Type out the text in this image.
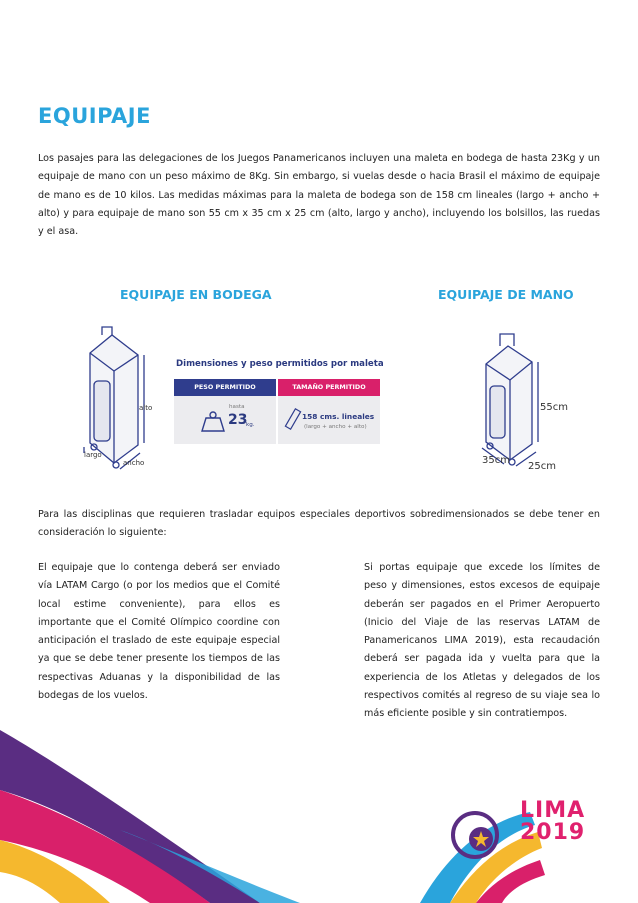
EQUIPAJE

Los pasajes para las delegaciones de los Juegos Panamericanos incluyen una maleta en bodega de hasta 23Kg y un equipaje de mano con un peso máximo de 8Kg. Sin embargo, si vuelas desde o hacia Brasil el máximo de equipaje de mano es de 10 kilos. Las medidas máximas para la maleta de bodega son de 158 cm lineales (largo + ancho + alto) y para equipaje de mano son 55 cm x 35 cm x 25 cm (alto, largo y ancho), incluyendo los bolsillos, las ruedas y el asa.

EQUIPAJE EN BODEGA	EQUIPAJE DE MANO
alto
largo
ancho

Dimensiones y peso permitidos por maleta

PESO PERMITIDO	TAMAÑO PERMITIDO
hasta
23
kg.
158 cms. lineales
(largo + ancho + alto)
55cm
35cm
25cm

Para las disciplinas que requieren trasladar equipos especiales deportivos sobredimensionados se debe tener en consideración lo siguiente:

El equipaje que lo contenga deberá ser enviado vía LATAM Cargo (o por los medios que el Comité local estime conveniente), para ellos es importante que el Comité Olímpico coordine con anticipación el traslado de este equipaje especial ya que se debe tener presente los tiempos de las respectivas Aduanas y la disponibilidad de las bodegas de los vuelos.

Si portas equipaje que excede los límites de peso y dimensiones, estos excesos de equipaje deberán ser pagados en el Primer Aeropuerto (Inicio del Viaje de las reservas LATAM de Panamericanos LIMA 2019), esta recaudación deberá ser pagada ida y vuelta para que la experiencia de los Atletas y delegados de los respectivos comités al regreso de su viaje sea lo más eficiente posible y sin contratiempos.

LIMA
2019
